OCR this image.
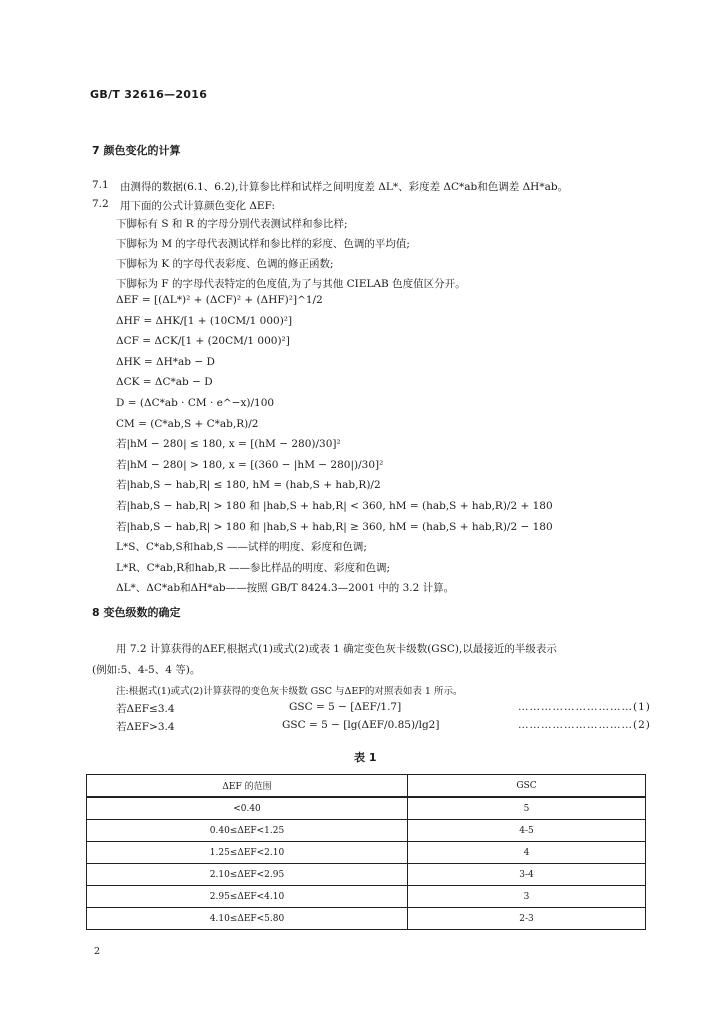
GB/T 32616—2016
7 颜色变化的计算
7.1 由测得的数据(6.1、6.2),计算参比样和试样之间明度差 ΔL*、彩度差 ΔC*ab和色调差 ΔH*ab。
7.2 用下面的公式计算颜色变化 ΔEF:
下脚标有 S 和 R 的字母分别代表测试样和参比样;
下脚标为 M 的字母代表测试样和参比样的彩度、色调的平均值;
下脚标为 K 的字母代表彩度、色调的修正函数;
下脚标为 F 的字母代表特定的色度值,为了与其他 CIELAB 色度值区分开。
ΔEF = [(ΔL*)² + (ΔCF)² + (ΔHF)²]^1/2
ΔHF = ΔHK/[1 + (10CM/1 000)²]
ΔCF = ΔCK/[1 + (20CM/1 000)²]
ΔHK = ΔH*ab − D
ΔCK = ΔC*ab − D
D = (ΔC*ab · CM · e^−x)/100
CM = (C*ab,S + C*ab,R)/2
若|hM − 280| ≤ 180, x = [(hM − 280)/30]²
若|hM − 280| > 180, x = [(360 − |hM − 280|)/30]²
若|hab,S − hab,R| ≤ 180, hM = (hab,S + hab,R)/2
若|hab,S − hab,R| > 180 和 |hab,S + hab,R| < 360, hM = (hab,S + hab,R)/2 + 180
若|hab,S − hab,R| > 180 和 |hab,S + hab,R| ≥ 360, hM = (hab,S + hab,R)/2 − 180
L*S、C*ab,S和hab,S ——试样的明度、彩度和色调;
L*R、C*ab,R和hab,R ——参比样品的明度、彩度和色调;
ΔL*、ΔC*ab和ΔH*ab——按照 GB/T 8424.3—2001 中的 3.2 计算。
8 变色级数的确定
用 7.2 计算获得的ΔEF,根据式(1)或式(2)或表 1 确定变色灰卡级数(GSC),以最接近的半级表示
(例如:5、4-5、4 等)。
注:根据式(1)或式(2)计算获得的变色灰卡级数 GSC 与ΔEF的对照表如表 1 所示。
若ΔEF≤3.4	GSC = 5 − [ΔEF/1.7]	…………………………(1)
若ΔEF>3.4	GSC = 5 − [lg(ΔEF/0.85)/lg2]	…………………………(2)
表 1
ΔEF 的范围	GSC
<0.40	5
0.40≤ΔEF<1.25	4-5
1.25≤ΔEF<2.10	4
2.10≤ΔEF<2.95	3-4
2.95≤ΔEF<4.10	3
4.10≤ΔEF<5.80	2-3
2
